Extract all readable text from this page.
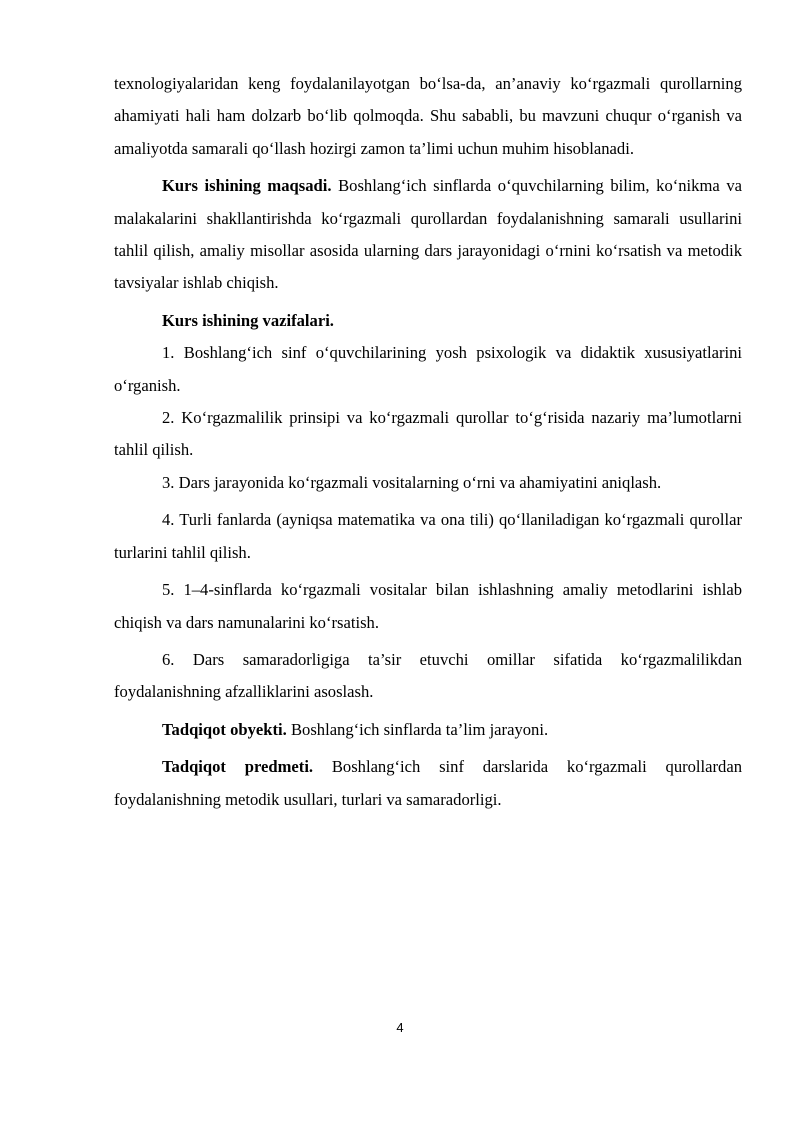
texnologiyalaridan keng foydalanilayotgan bo‘lsa-da, an’anaviy ko‘rgazmali qurollarning ahamiyati hali ham dolzarb bo‘lib qolmoqda. Shu sababli, bu mavzuni chuqur o‘rganish va amaliyotda samarali qo‘llash hozirgi zamon ta’limi uchun muhim hisoblanadi.

Kurs ishining maqsadi. Boshlang‘ich sinflarda o‘quvchilarning bilim, ko‘nikma va malakalarini shakllantirishda ko‘rgazmali qurollardan foydalanishning samarali usullarini tahlil qilish, amaliy misollar asosida ularning dars jarayonidagi o‘rnini ko‘rsatish va metodik tavsiyalar ishlab chiqish.

Kurs ishining vazifalari.

1. Boshlang‘ich sinf o‘quvchilarining yosh psixologik va didaktik xususiyatlarini o‘rganish.

2. Ko‘rgazmalilik prinsipi va ko‘rgazmali qurollar to‘g‘risida nazariy ma’lumotlarni tahlil qilish.

3. Dars jarayonida ko‘rgazmali vositalarning o‘rni va ahamiyatini aniqlash.

4. Turli fanlarda (ayniqsa matematika va ona tili) qo‘llaniladigan ko‘rgazmali qurollar turlarini tahlil qilish.

5. 1–4-sinflarda ko‘rgazmali vositalar bilan ishlashning amaliy metodlarini ishlab chiqish va dars namunalarini ko‘rsatish.

6. Dars samaradorligiga ta’sir etuvchi omillar sifatida ko‘rgazmalilikdan foydalanishning afzalliklarini asoslash.

Tadqiqot obyekti. Boshlang‘ich sinflarda ta’lim jarayoni.

Tadqiqot predmeti. Boshlang‘ich sinf darslarida ko‘rgazmali qurollardan foydalanishning metodik usullari, turlari va samaradorligi.

4
